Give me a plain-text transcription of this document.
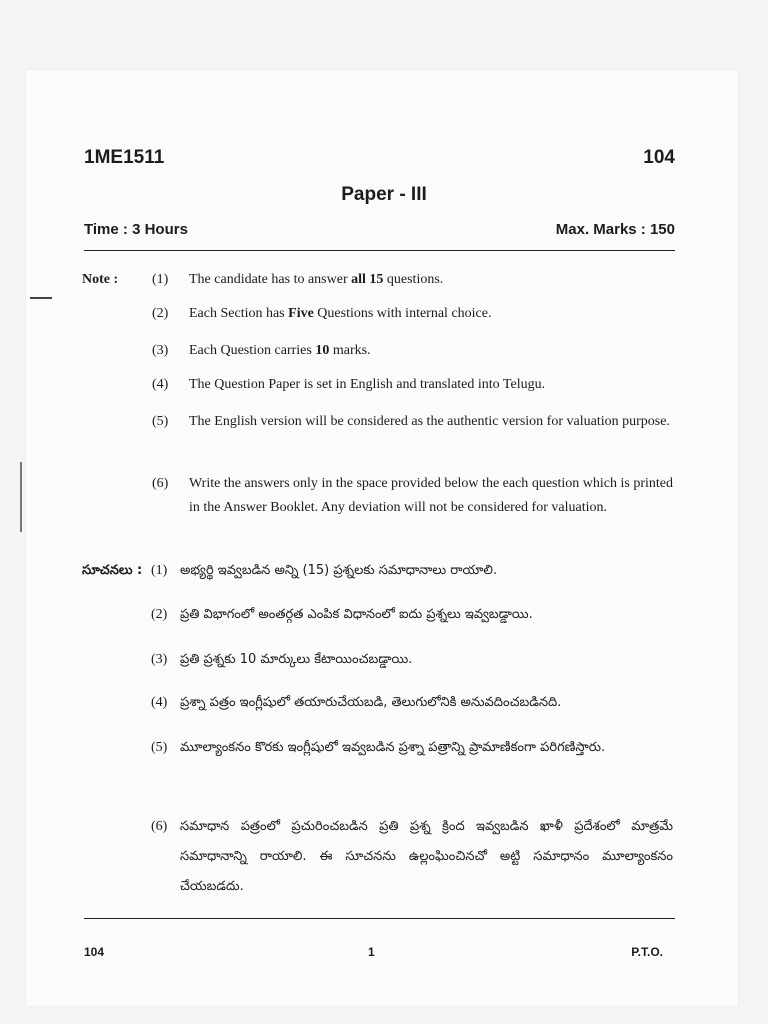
1ME1511	104
Paper - III
Time : 3 Hours	Max. Marks : 150
Note : (1) The candidate has to answer all 15 questions.
(2) Each Section has Five Questions with internal choice.
(3) Each Question carries 10 marks.
(4) The Question Paper is set in English and translated into Telugu.
(5) The English version will be considered as the authentic version for valuation purpose.
(6) Write the answers only in the space provided below the each question which is printed in the Answer Booklet. Any deviation will not be considered for valuation.
సూచనలు : (1) అభ్యర్థి ఇవ్వబడిన అన్ని (15) ప్రశ్నలకు సమాధానాలు రాయాలి.
(2) ప్రతి విభాగంలో అంతర్గత ఎంపిక విధానంలో ఐదు ప్రశ్నలు ఇవ్వబడ్డాయి.
(3) ప్రతి ప్రశ్నకు 10 మార్కులు కేటాయించబడ్డాయి.
(4) ప్రశ్నా పత్రం ఇంగ్లీషులో తయారుచేయబడి, తెలుగులోనికి అనువదించబడినది.
(5) మూల్యాంకనం కొరకు ఇంగ్లీషులో ఇవ్వబడిన ప్రశ్నా పత్రాన్ని ప్రామాణికంగా పరిగణిస్తారు.
(6) సమాధాన పత్రంలో ప్రచురించబడిన ప్రతి ప్రశ్న క్రింద ఇవ్వబడిన ఖాళీ ప్రదేశంలో మాత్రమే సమాధానాన్ని రాయాలి. ఈ సూచనను ఉల్లంఘించినచో అట్టి సమాధానం మూల్యాంకనం చేయబడదు.
104	1	P.T.O.
